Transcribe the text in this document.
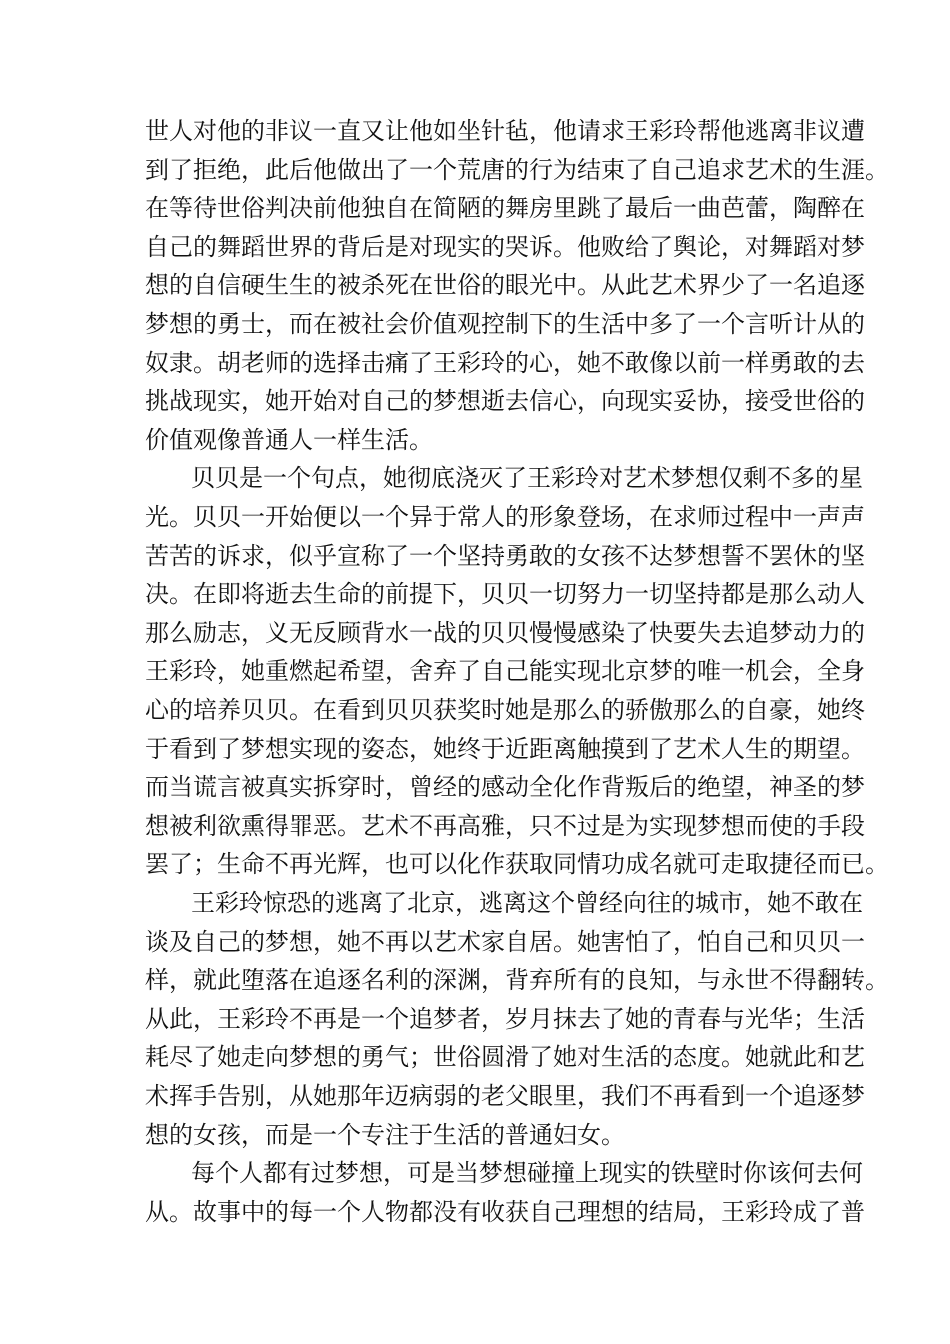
世人对他的非议一直又让他如坐针毡，他请求王彩玲帮他逃离非议遭
到了拒绝，此后他做出了一个荒唐的行为结束了自己追求艺术的生涯。
在等待世俗判决前他独自在简陋的舞房里跳了最后一曲芭蕾，陶醉在
自己的舞蹈世界的背后是对现实的哭诉。他败给了舆论，对舞蹈对梦
想的自信硬生生的被杀死在世俗的眼光中。从此艺术界少了一名追逐
梦想的勇士，而在被社会价值观控制下的生活中多了一个言听计从的
奴隶。胡老师的选择击痛了王彩玲的心，她不敢像以前一样勇敢的去
挑战现实，她开始对自己的梦想逝去信心，向现实妥协，接受世俗的
价值观像普通人一样生活。
贝贝是一个句点，她彻底浇灭了王彩玲对艺术梦想仅剩不多的星
光。贝贝一开始便以一个异于常人的形象登场，在求师过程中一声声
苦苦的诉求，似乎宣称了一个坚持勇敢的女孩不达梦想誓不罢休的坚
决。在即将逝去生命的前提下，贝贝一切努力一切坚持都是那么动人
那么励志，义无反顾背水一战的贝贝慢慢感染了快要失去追梦动力的
王彩玲，她重燃起希望，舍弃了自己能实现北京梦的唯一机会，全身
心的培养贝贝。在看到贝贝获奖时她是那么的骄傲那么的自豪，她终
于看到了梦想实现的姿态，她终于近距离触摸到了艺术人生的期望。
而当谎言被真实拆穿时，曾经的感动全化作背叛后的绝望，神圣的梦
想被利欲熏得罪恶。艺术不再高雅，只不过是为实现梦想而使的手段
罢了；生命不再光辉，也可以化作获取同情功成名就可走取捷径而已。
王彩玲惊恐的逃离了北京，逃离这个曾经向往的城市，她不敢在
谈及自己的梦想，她不再以艺术家自居。她害怕了，怕自己和贝贝一
样，就此堕落在追逐名利的深渊，背弃所有的良知，与永世不得翻转。
从此，王彩玲不再是一个追梦者，岁月抹去了她的青春与光华；生活
耗尽了她走向梦想的勇气；世俗圆滑了她对生活的态度。她就此和艺
术挥手告别，从她那年迈病弱的老父眼里，我们不再看到一个追逐梦
想的女孩，而是一个专注于生活的普通妇女。
每个人都有过梦想，可是当梦想碰撞上现实的铁壁时你该何去何
从。故事中的每一个人物都没有收获自己理想的结局，王彩玲成了普
